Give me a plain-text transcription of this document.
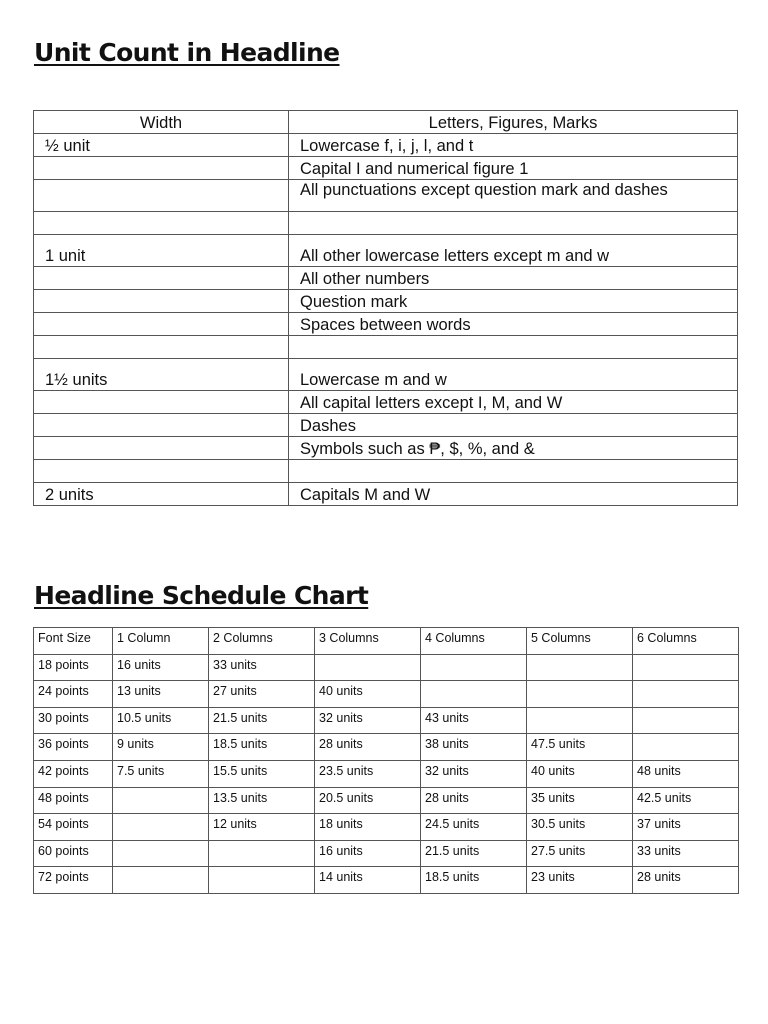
Unit Count in Headline
Width	Letters, Figures, Marks
½ unit	Lowercase f, i, j, l, and t
	Capital I and numerical figure 1
	All punctuations except question mark and dashes

1 unit	All other lowercase letters except m and w
	All other numbers
	Question mark
	Spaces between words

1½ units	Lowercase m and w
	All capital letters except I, M, and W
	Dashes
	Symbols such as ₱, $, %, and &

2 units	Capitals M and W
Headline Schedule Chart
Font Size	1 Column	2 Columns	3 Columns	4 Columns	5 Columns	6 Columns
18 points	16 units	33 units				
24 points	13 units	27 units	40 units			
30 points	10.5 units	21.5 units	32 units	43 units		
36 points	9 units	18.5 units	28 units	38 units	47.5 units	
42 points	7.5 units	15.5 units	23.5 units	32 units	40 units	48 units
48 points		13.5 units	20.5 units	28 units	35 units	42.5 units
54 points		12 units	18 units	24.5 units	30.5 units	37 units
60 points			16 units	21.5 units	27.5 units	33 units
72 points			14 units	18.5 units	23 units	28 units
